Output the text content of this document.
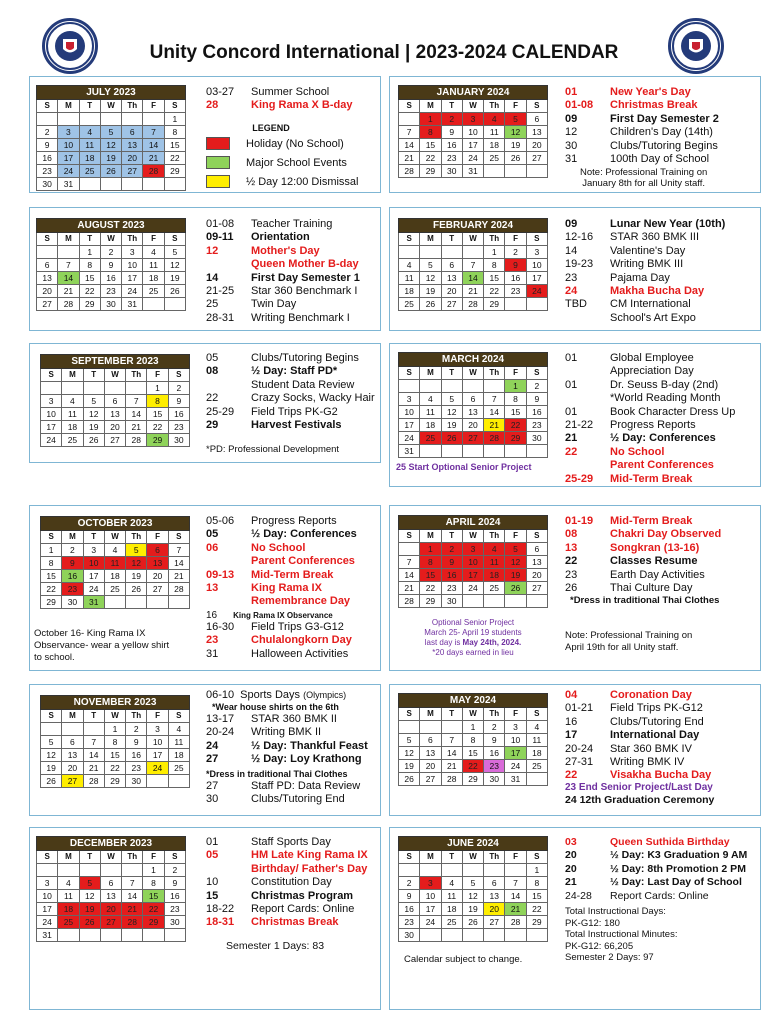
Unity Concord International | 2023-2024 CALENDAR
JULY 2023						
S	M	T	W	Th	F	S
						1
2	3	4	5	6	7	8
9	10	11	12	13	14	15
16	17	18	19	20	21	22
23	24	25	26	27	28	29
30	31					
03-27	Summer School
28	King Rama X B-day
LEGEND
Holiday (No School)
Major School Events
½ Day 12:00 Dismissal
AUGUST 2023						
S	M	T	W	Th	F	S
		1	2	3	4	5
6	7	8	9	10	11	12
13	14	15	16	17	18	19
20	21	22	23	24	25	26
27	28	29	30	31		
01-08	Teacher Training
09-11	Orientation
12	Mother's Day
Queen Mother B-day
14	First Day Semester 1
21-25	Star 360 Benchmark I
25	Twin Day
28-31	Writing Benchmark I
SEPTEMBER 2023						
S	M	T	W	Th	F	S
					1	2
3	4	5	6	7	8	9
10	11	12	13	14	15	16
17	18	19	20	21	22	23
24	25	26	27	28	29	30
05	Clubs/Tutoring Begins
08	½ Day: Staff PD*
Student Data Review
22	Crazy Socks, Wacky Hair
25-29	Field Trips PK-G2
29	Harvest Festivals
*PD: Professional Development
OCTOBER 2023						
S	M	T	W	Th	F	S
1	2	3	4	5	6	7
8	9	10	11	12	13	14
15	16	17	18	19	20	21
22	23	24	25	26	27	28
29	30	31				
05-06	Progress Reports
05	½ Day: Conferences
06	No School
Parent Conferences
09-13	Mid-Term Break
13	King Rama IX
Remembrance Day
16 King Rama IX Observance
16-30	Field Trips G3-G12
23	Chulalongkorn Day
31	Halloween Activities
October 16- King Rama IX
Observance- wear a yellow shirt
to school.
NOVEMBER 2023						
S	M	T	W	Th	F	S
			1	2	3	4
5	6	7	8	9	10	11
12	13	14	15	16	17	18
19	20	21	22	23	24	25
26	27	28	29	30		
06-10 Sports Days (Olympics)
*Wear house shirts on the 6th
13-17	STAR 360 BMK II
20-24	Writing BMK II
24	½ Day: Thankful Feast
27	½ Day: Loy Krathong
*Dress in traditional Thai Clothes
27	Staff PD: Data Review
30	Clubs/Tutoring End
DECEMBER 2023						
S	M	T	W	Th	F	S
					1	2
3	4	5	6	7	8	9
10	11	12	13	14	15	16
17	18	19	20	21	22	23
24	25	26	27	28	29	30
31						
01	Staff Sports Day
05	HM Late King Rama IX
Birthday/ Father's Day
10	Constitution Day
15	Christmas Program
18-22	Report Cards: Online
18-31	Christmas Break
Semester 1 Days: 83
JANUARY 2024						
S	M	T	W	Th	F	S
	1	2	3	4	5	6
7	8	9	10	11	12	13
14	15	16	17	18	19	20
21	22	23	24	25	26	27
28	29	30	31			
01	New Year's Day
01-08	Christmas Break
09	First Day Semester 2
12	Children's Day (14th)
30	Clubs/Tutoring Begins
31	100th Day of School
Note: Professional Training on
January 8th for all Unity staff.
FEBRUARY 2024						
S	M	T	W	Th	F	S
				1	2	3
4	5	6	7	8	9	10
11	12	13	14	15	16	17
18	19	20	21	22	23	24
25	26	27	28	29		
09	Lunar New Year (10th)
12-16	STAR 360 BMK III
14	Valentine's Day
19-23	Writing BMK III
23	Pajama Day
24	Makha Bucha Day
TBD	CM International
School's Art Expo
MARCH 2024						
S	M	T	W	Th	F	S
					1	2
3	4	5	6	7	8	9
10	11	12	13	14	15	16
17	18	19	20	21	22	23
24	25	26	27	28	29	30
31						
25 Start Optional Senior Project
01	Global Employee
Appreciation Day
01	Dr. Seuss B-day (2nd)
*World Reading Month
01	Book Character Dress Up
21-22	Progress Reports
21	½ Day: Conferences
22	No School
Parent Conferences
25-29	Mid-Term Break
APRIL 2024						
S	M	T	W	Th	F	S
	1	2	3	4	5	6
7	8	9	10	11	12	13
14	15	16	17	18	19	20
21	22	23	24	25	26	27
28	29	30				
Optional Senior Project
March 25- April 19 students
last day is May 24th, 2024.
*20 days earned in lieu
01-19	Mid-Term Break
08	Chakri Day Observed
13	Songkran (13-16)
22	Classes Resume
23	Earth Day Activities
26	Thai Culture Day
*Dress in traditional Thai Clothes
Note: Professional Training on
April 19th for all Unity staff.
MAY 2024						
S	M	T	W	Th	F	S
			1	2	3	4
5	6	7	8	9	10	11
12	13	14	15	16	17	18
19	20	21	22	23	24	25
26	27	28	29	30	31	
04	Coronation Day
01-21	Field Trips PK-G12
16	Clubs/Tutoring End
17	International Day
20-24	Star 360 BMK IV
27-31	Writing BMK IV
22	Visakha Bucha Day
23 End Senior Project/Last Day
24 12th Graduation Ceremony
JUNE 2024						
S	M	T	W	Th	F	S
						1
2	3	4	5	6	7	8
9	10	11	12	13	14	15
16	17	18	19	20	21	22
23	24	25	26	27	28	29
30						
Calendar subject to change.
03	Queen Suthida Birthday
20	½ Day: K3 Graduation 9 AM
20	½ Day: 8th Promotion 2 PM
21	½ Day: Last Day of School
24-28	Report Cards: Online
Total Instructional Days:
PK-G12: 180
Total Instructional Minutes:
PK-G12: 66,205
Semester 2 Days: 97
